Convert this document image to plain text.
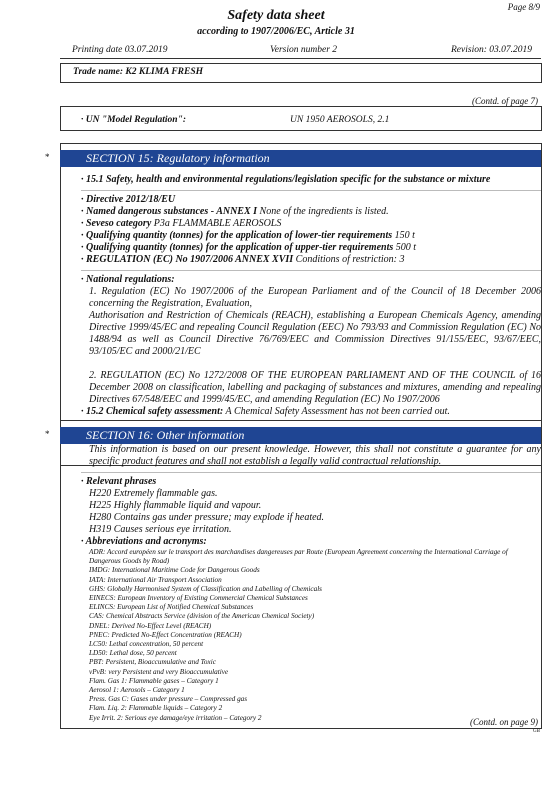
Page 8/9
Safety data sheet
according to 1907/2006/EC, Article 31
Printing date 03.07.2019	Version number 2	Revision: 03.07.2019
Trade name: K2 KLIMA FRESH
(Contd. of page 7)
· UN "Model Regulation":	UN 1950 AEROSOLS, 2.1
*	SECTION 15: Regulatory information

· 15.1 Safety, health and environmental regulations/legislation specific for the substance or mixture

· Directive 2012/18/EU

· Named dangerous substances - ANNEX I None of the ingredients is listed.

· Seveso category P3a FLAMMABLE AEROSOLS

· Qualifying quantity (tonnes) for the application of lower-tier requirements 150 t

· Qualifying quantity (tonnes) for the application of upper-tier requirements 500 t

· REGULATION (EC) No 1907/2006 ANNEX XVII Conditions of restriction: 3

· National regulations:

1. Regulation (EC) No 1907/2006 of the European Parliament and of the Council of 18 December 2006 concerning the Registration, Evaluation,

Authorisation and Restriction of Chemicals (REACH), establishing a European Chemicals Agency, amending Directive 1999/45/EC and repealing Council Regulation (EEC) No 793/93 and Commission Regulation (EC) No 1488/94 as well as Council Directive 76/769/EEC and Commission Directives 91/155/EEC, 93/67/EEC, 93/105/EC and 2000/21/EC

2. REGULATION (EC) No 1272/2008 OF THE EUROPEAN PARLIAMENT AND OF THE COUNCIL of 16 December 2008 on classification, labelling and packaging of substances and mixtures, amending and repealing Directives 67/548/EEC and 1999/45/EC, and amending Regulation (EC) No 1907/2006

· 15.2 Chemical safety assessment: A Chemical Safety Assessment has not been carried out.

*	SECTION 16: Other information

This information is based on our present knowledge. However, this shall not constitute a guarantee for any specific product features and shall not establish a legally valid contractual relationship.

· Relevant phrases

H220 Extremely flammable gas.

H225 Highly flammable liquid and vapour.

H280 Contains gas under pressure; may explode if heated.

H319 Causes serious eye irritation.

· Abbreviations and acronyms:

ADR: Accord européen sur le transport des marchandises dangereuses par Route (European Agreement concerning the International Carriage of Dangerous Goods by Road)

IMDG: International Maritime Code for Dangerous Goods

IATA: International Air Transport Association

GHS: Globally Harmonised System of Classification and Labelling of Chemicals

EINECS: European Inventory of Existing Commercial Chemical Substances

ELINCS: European List of Notified Chemical Substances

CAS: Chemical Abstracts Service (division of the American Chemical Society)

DNEL: Derived No-Effect Level (REACH)

PNEC: Predicted No-Effect Concentration (REACH)

LC50: Lethal concentration, 50 percent

LD50: Lethal dose, 50 percent

PBT: Persistent, Bioaccumulative and Toxic

vPvB: very Persistent and very Bioaccumulative

Flam. Gas 1: Flammable gases – Category 1

Aerosol 1: Aerosols – Category 1

Press. Gas C: Gases under pressure – Compressed gas

Flam. Liq. 2: Flammable liquids – Category 2

Eye Irrit. 2: Serious eye damage/eye irritation – Category 2	(Contd. on page 9)
GB
